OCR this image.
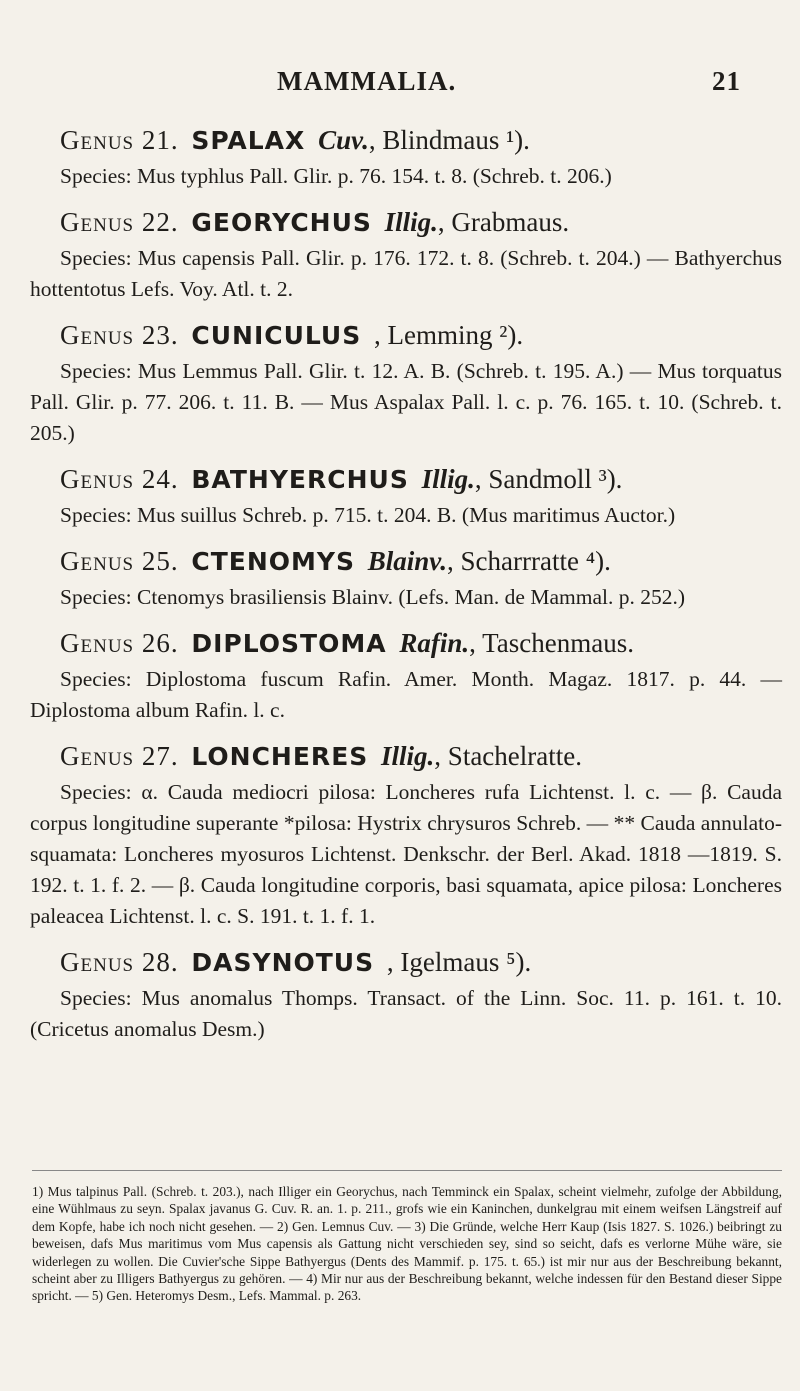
MAMMALIA.	21
Genus 21. SPALAX Cuv., Blindmaus ¹).

Species: Mus typhlus Pall. Glir. p. 76. 154. t. 8. (Schreb. t. 206.)

Genus 22. GEORYCHUS Illig., Grabmaus.

Species: Mus capensis Pall. Glir. p. 176. 172. t. 8. (Schreb. t. 204.) — Bathyerchus hottentotus Lefs. Voy. Atl. t. 2.

Genus 23. CUNICULUS , Lemming ²).

Species: Mus Lemmus Pall. Glir. t. 12. A. B. (Schreb. t. 195. A.) — Mus torquatus Pall. Glir. p. 77. 206. t. 11. B. — Mus Aspalax Pall. l. c. p. 76. 165. t. 10. (Schreb. t. 205.)

Genus 24. BATHYERCHUS Illig., Sandmoll ³).

Species: Mus suillus Schreb. p. 715. t. 204. B. (Mus maritimus Auctor.)

Genus 25. CTENOMYS Blainv., Scharrratte ⁴).

Species: Ctenomys brasiliensis Blainv. (Lefs. Man. de Mammal. p. 252.)

Genus 26. DIPLOSTOMA Rafin., Taschenmaus.

Species: Diplostoma fuscum Rafin. Amer. Month. Magaz. 1817. p. 44. — Diplostoma album Rafin. l. c.

Genus 27. LONCHERES Illig., Stachelratte.

Species: α. Cauda mediocri pilosa: Loncheres rufa Lichtenst. l. c. — β. Cauda corpus longitudine superante *pilosa: Hystrix chrysuros Schreb. — ** Cauda annulato-squamata: Loncheres myosuros Lichtenst. Denkschr. der Berl. Akad. 1818 —1819. S. 192. t. 1. f. 2. — β. Cauda longitudine corporis, basi squamata, apice pilosa: Loncheres paleacea Lichtenst. l. c. S. 191. t. 1. f. 1.

Genus 28. DASYNOTUS , Igelmaus ⁵).

Species: Mus anomalus Thomps. Transact. of the Linn. Soc. 11. p. 161. t. 10. (Cricetus anomalus Desm.)

1) Mus talpinus Pall. (Schreb. t. 203.), nach Illiger ein Georychus, nach Temminck ein Spalax, scheint vielmehr, zufolge der Abbildung, eine Wühlmaus zu seyn. Spalax javanus G. Cuv. R. an. 1. p. 211., grofs wie ein Kaninchen, dunkelgrau mit einem weifsen Längstreif auf dem Kopfe, habe ich noch nicht gesehen. — 2) Gen. Lemnus Cuv. — 3) Die Gründe, welche Herr Kaup (Isis 1827. S. 1026.) beibringt zu beweisen, dafs Mus maritimus vom Mus capensis als Gattung nicht verschieden sey, sind so seicht, dafs es verlorne Mühe wäre, sie widerlegen zu wollen. Die Cuvier'sche Sippe Bathyergus (Dents des Mammif. p. 175. t. 65.) ist mir nur aus der Beschreibung bekannt, scheint aber zu Illigers Bathyergus zu gehören. — 4) Mir nur aus der Beschreibung bekannt, welche indessen für den Bestand dieser Sippe spricht. — 5) Gen. Heteromys Desm., Lefs. Mammal. p. 263.
